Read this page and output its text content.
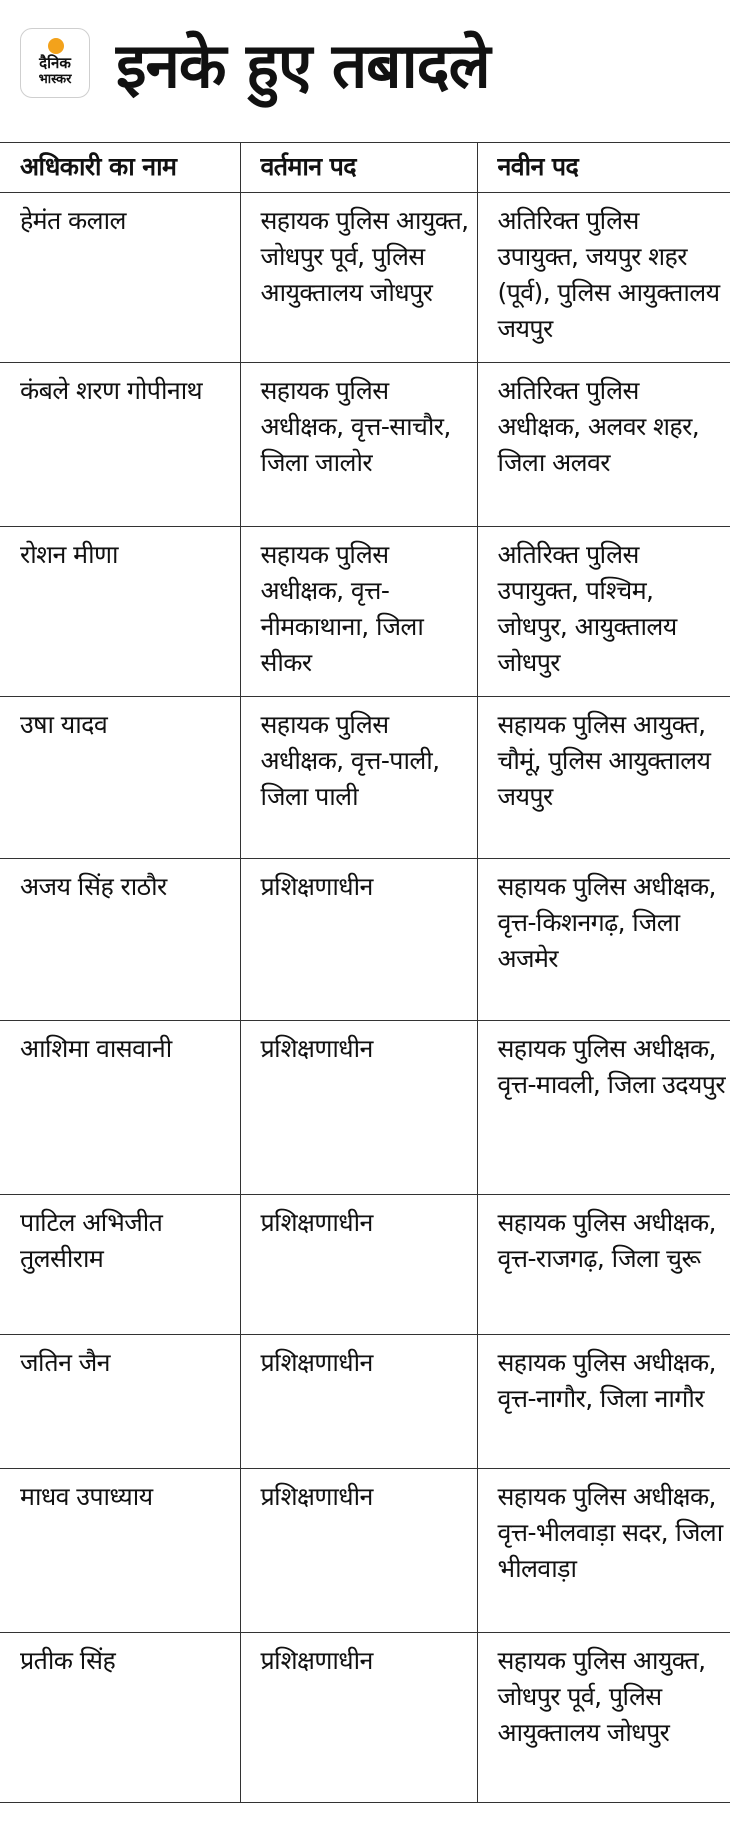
दैनिक
भास्कर इनके हुए तबादले
अधिकारी का नाम	वर्तमान पद	नवीन पद
हेमंत कलाल	सहायक पुलिस आयुक्त, जोधपुर पूर्व, पुलिस आयुक्तालय जोधपुर	अतिरिक्त पुलिस उपायुक्त, जयपुर शहर (पूर्व), पुलिस आयुक्तालय जयपुर
कंबले शरण गोपीनाथ	सहायक पुलिस अधीक्षक, वृत्त-साचौर, जिला जालोर	अतिरिक्त पुलिस अधीक्षक, अलवर शहर, जिला अलवर
रोशन मीणा	सहायक पुलिस अधीक्षक, वृत्त-नीमकाथाना, जिला सीकर	अतिरिक्त पुलिस उपायुक्त, पश्चिम, जोधपुर, आयुक्तालय जोधपुर
उषा यादव	सहायक पुलिस अधीक्षक, वृत्त-पाली, जिला पाली	सहायक पुलिस आयुक्त, चौमूं, पुलिस आयुक्तालय जयपुर
अजय सिंह राठौर	प्रशिक्षणाधीन	सहायक पुलिस अधीक्षक, वृत्त-किशनगढ़, जिला अजमेर
आशिमा वासवानी	प्रशिक्षणाधीन	सहायक पुलिस अधीक्षक, वृत्त-मावली, जिला उदयपुर
पाटिल अभिजीत तुलसीराम	प्रशिक्षणाधीन	सहायक पुलिस अधीक्षक, वृत्त-राजगढ़, जिला चुरू
जतिन जैन	प्रशिक्षणाधीन	सहायक पुलिस अधीक्षक, वृत्त-नागौर, जिला नागौर
माधव उपाध्याय	प्रशिक्षणाधीन	सहायक पुलिस अधीक्षक, वृत्त-भीलवाड़ा सदर, जिला भीलवाड़ा
प्रतीक सिंह	प्रशिक्षणाधीन	सहायक पुलिस आयुक्त, जोधपुर पूर्व, पुलिस आयुक्तालय जोधपुर
